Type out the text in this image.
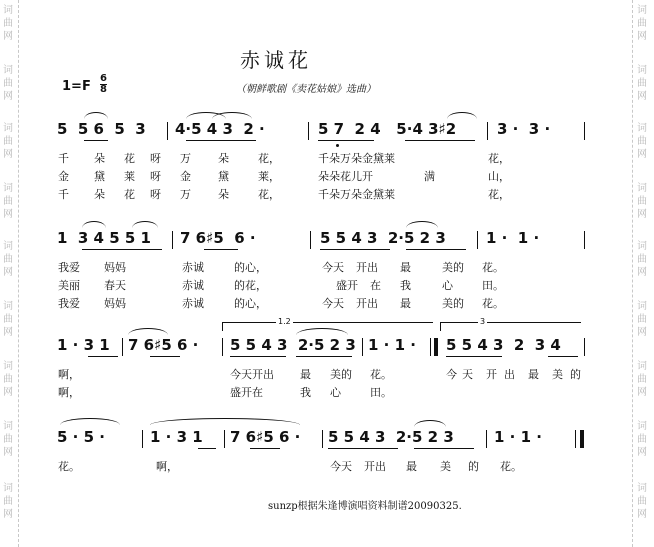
词
曲
网
词
曲
网
词
曲
网
词
曲
网
词
曲
网
词
曲
网
词
曲
网
词
曲
网
词
曲
网
词
曲
网
词
曲
网
词
曲
网
词
曲
网
词
曲
网
词
曲
网
词
曲
网
词
曲
网
词
曲
网
赤诚花
1=F
6
8	（朝鲜歌剧《卖花姑娘》选曲）
5  5 6  5  3 4·5 4 3  2 ·	5 7  2 4   5·4 3♯2	3 ·  3 ·
千 朵 花 呀 万 朵	花，	千朵万朵金黛莱	花，
金 黛 莱 呀 金 黛	莱，	朵朵花儿开	满	山，
千 朵 花 呀 万 朵	花，	千朵万朵金黛莱	花，
1  3 4 5 5 1 7 6♯5  6 ·	5 5 4 3  2·5 2 3	1 ·  1 ·
我爱 妈妈	赤诚	的心，	今天 开出 最	美的 花。
美丽 春天	赤诚	的花，	盛开 在 我	心	田。
我爱 妈妈	赤诚	的心，	今天 开出 最	美的 花。
1.2	3
1 · 3 1 7 6♯5 6 · 5 5 4 3  2·5 2 3 1 · 1 · 5 5 4 3  2  3 4
啊，	今天开出 最 美的 花。	今 天 开 出 最 美 的
啊，	盛开在	我 心	田。
5 · 5 ·	1 · 3 1 7 6♯5 6 · 5 5 4 3  2·5 2 3	1 · 1 ·
花。	啊，	今天 开出 最 美 的 花。
sunzp根据朱逢博演唱资料制谱20090325.
